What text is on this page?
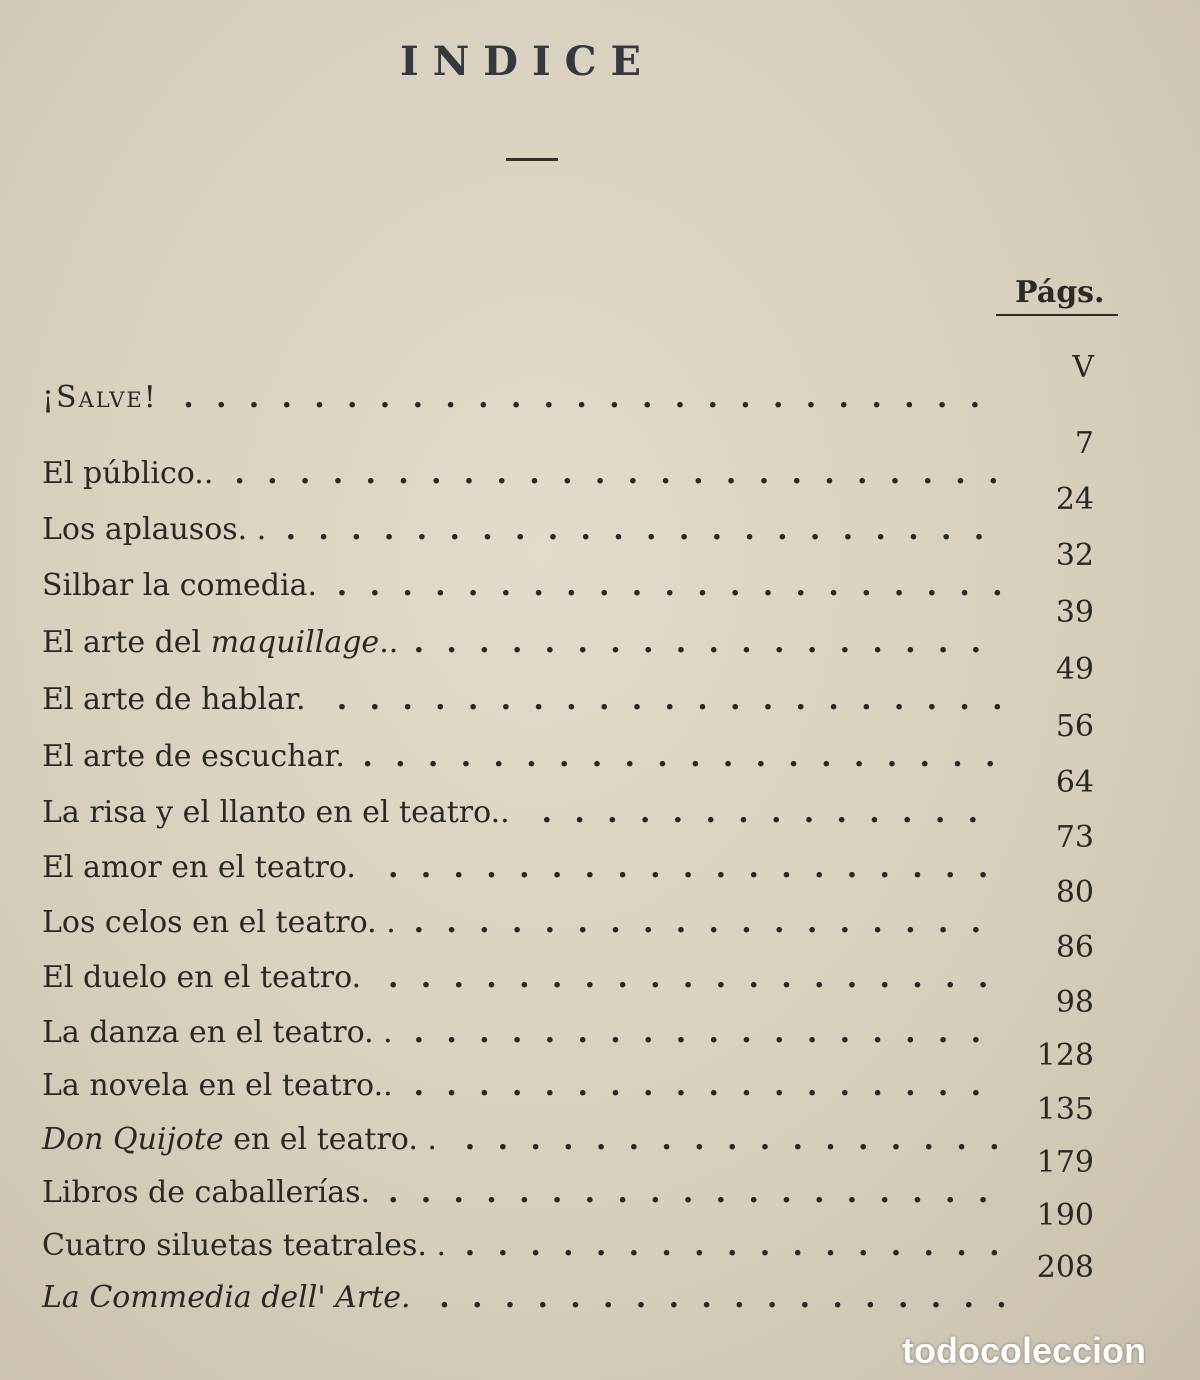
INDICE
Págs.
¡Salve!
V
. . . . . . . . . . . . . . . . . . . . . . . . .
El público..
7
. . . . . . . . . . . . . . . . . . . . . . . .
Los aplausos. .
24
. . . . . . . . . . . . . . . . . . . . . .
Silbar la comedia.
32
. . . . . . . . . . . . . . . . . . . . .
El arte del maquillage..
39
. . . . . . . . . . . . . . . . . .
El arte de hablar.
49
. . . . . . . . . . . . . . . . . . . . .
El arte de escuchar.
56
. . . . . . . . . . . . . . . . . . . .
La risa y el llanto en el teatro..
64
. . . . . . . . . . . . . .
El amor en el teatro.
73
. . . . . . . . . . . . . . . . . . .
Los celos en el teatro. .
80
. . . . . . . . . . . . . . . . . .
El duelo en el teatro.
86
. . . . . . . . . . . . . . . . . . .
La danza en el teatro. .
98
. . . . . . . . . . . . . . . . . .
La novela en el teatro..
128
. . . . . . . . . . . . . . . . . .
Don Quijote en el teatro. .
135
. . . . . . . . . . . . . . . . .
Libros de caballerías.
179
. . . . . . . . . . . . . . . . . . .
Cuatro siluetas teatrales. .
190
. . . . . . . . . . . . . . . . .
La Commedia dell' Arte.
208
. . . . . . . . . . . . . . . . . .
todocoleccion
